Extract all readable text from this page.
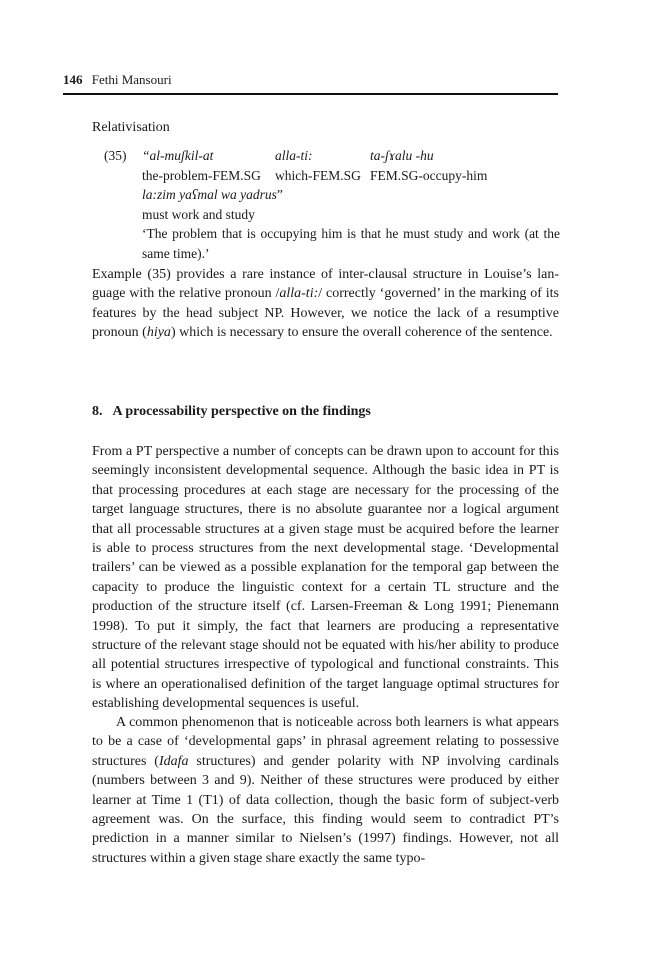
146 Fethi Mansouri
Relativisation
(35) “al-muʃkil-at	alla-ti:	ta-ʃɤalu -hu
the-problem-FEM.SG which-FEM.SG FEM.SG-occupy-him
la:zim yaʕmal wa yadrus”
must work and study
‘The problem that is occupying him is that he must study and work (at the same time).’
Example (35) provides a rare instance of inter-clausal structure in Louise’s language with the relative pronoun /alla-ti:/ correctly ‘governed’ in the marking of its features by the head subject NP. However, we notice the lack of a resumptive pronoun (hiya) which is necessary to ensure the overall coherence of the sentence.
8. A processability perspective on the findings
From a PT perspective a number of concepts can be drawn upon to account for this seemingly inconsistent developmental sequence. Although the basic idea in PT is that processing procedures at each stage are necessary for the processing of the target language structures, there is no absolute guarantee nor a logical argument that all processable structures at a given stage must be acquired before the learner is able to process structures from the next developmental stage. ‘Developmental trailers’ can be viewed as a possible explanation for the temporal gap between the capacity to produce the linguistic context for a certain TL structure and the production of the structure itself (cf. Larsen-Freeman & Long 1991; Pienemann 1998). To put it simply, the fact that learners are producing a representative structure of the relevant stage should not be equated with his/her ability to produce all potential structures irrespective of typological and functional constraints. This is where an operationalised definition of the target language optimal structures for establishing developmental sequences is useful.
A common phenomenon that is noticeable across both learners is what appears to be a case of ‘developmental gaps’ in phrasal agreement relating to possessive structures (Idafa structures) and gender polarity with NP involving cardinals (numbers between 3 and 9). Neither of these structures were produced by either learner at Time 1 (T1) of data collection, though the basic form of subject-verb agreement was. On the surface, this finding would seem to contradict PT’s prediction in a manner similar to Nielsen’s (1997) findings. However, not all structures within a given stage share exactly the same typo-
